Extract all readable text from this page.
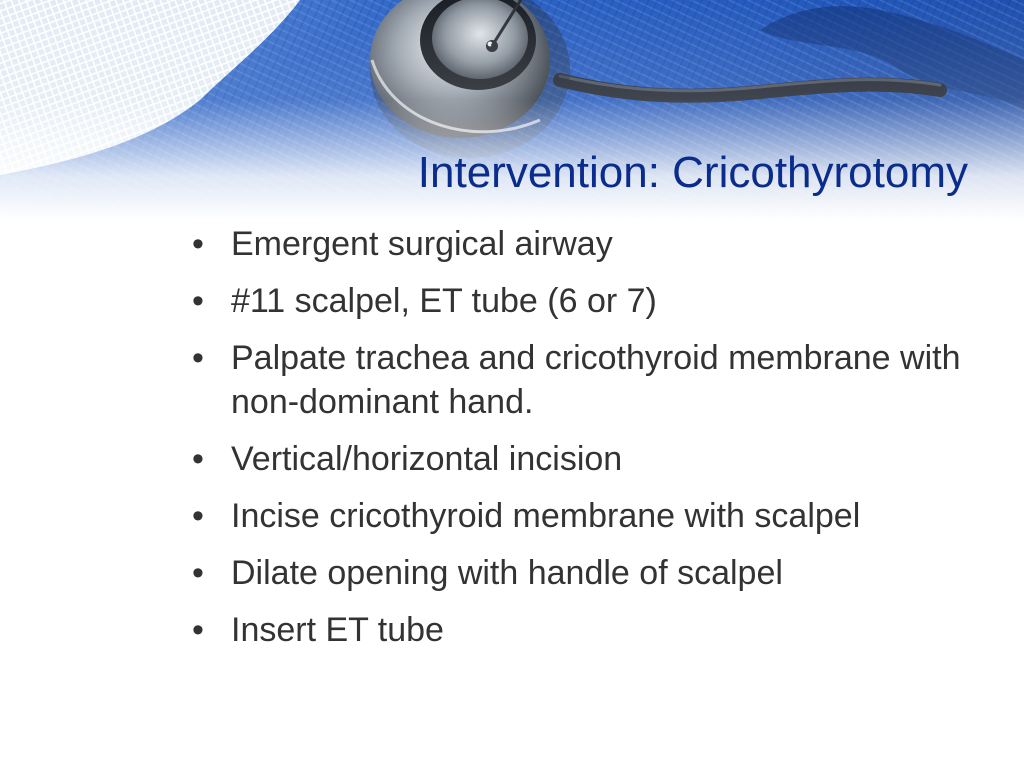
Intervention: Cricothyrotomy
• Emergent surgical airway
• #11 scalpel, ET tube (6 or 7)
• Palpate trachea and cricothyroid membrane with non-dominant hand.
• Vertical/horizontal incision
• Incise cricothyroid membrane with scalpel
• Dilate opening with handle of scalpel
• Insert ET tube
